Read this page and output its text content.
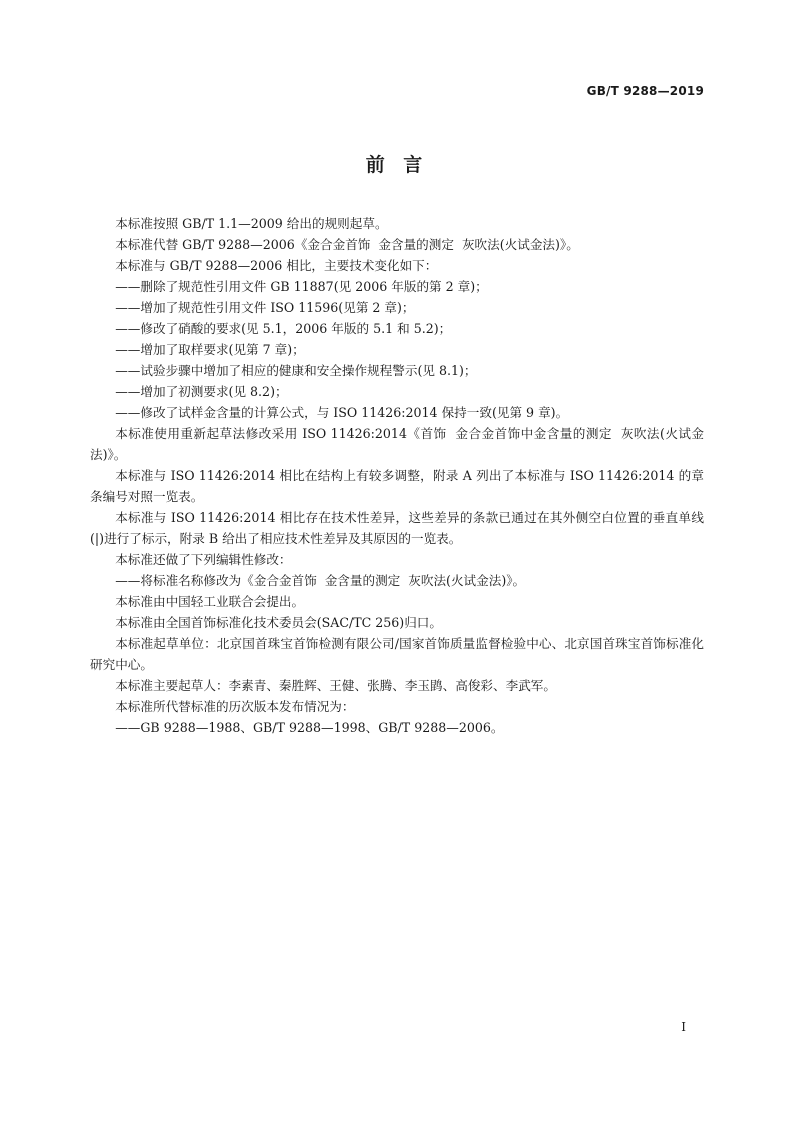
GB/T 9288—2019
前 言

本标准按照 GB/T 1.1—2009 给出的规则起草。

本标准代替 GB/T 9288—2006《金合金首饰  金含量的测定  灰吹法(火试金法)》。

本标准与 GB/T 9288—2006 相比，主要技术变化如下：

——删除了规范性引用文件 GB 11887(见 2006 年版的第 2 章)；

——增加了规范性引用文件 ISO 11596(见第 2 章)；

——修改了硝酸的要求(见 5.1，2006 年版的 5.1 和 5.2)；

——增加了取样要求(见第 7 章)；

——试验步骤中增加了相应的健康和安全操作规程警示(见 8.1)；

——增加了初测要求(见 8.2)；

——修改了试样金含量的计算公式，与 ISO 11426:2014 保持一致(见第 9 章)。

本标准使用重新起草法修改采用 ISO 11426:2014《首饰  金合金首饰中金含量的测定  灰吹法(火试金法)》。

本标准与 ISO 11426:2014 相比在结构上有较多调整，附录 A 列出了本标准与 ISO 11426:2014 的章条编号对照一览表。

本标准与 ISO 11426:2014 相比存在技术性差异，这些差异的条款已通过在其外侧空白位置的垂直单线(|)进行了标示，附录 B 给出了相应技术性差异及其原因的一览表。

本标准还做了下列编辑性修改：

——将标准名称修改为《金合金首饰  金含量的测定  灰吹法(火试金法)》。

本标准由中国轻工业联合会提出。

本标准由全国首饰标准化技术委员会(SAC/TC 256)归口。

本标准起草单位：北京国首珠宝首饰检测有限公司/国家首饰质量监督检验中心、北京国首珠宝首饰标准化研究中心。

本标准主要起草人：李素青、秦胜辉、王健、张腾、李玉鹍、高俊彩、李武军。

本标准所代替标准的历次版本发布情况为：

——GB 9288—1988、GB/T 9288—1998、GB/T 9288—2006。

I
